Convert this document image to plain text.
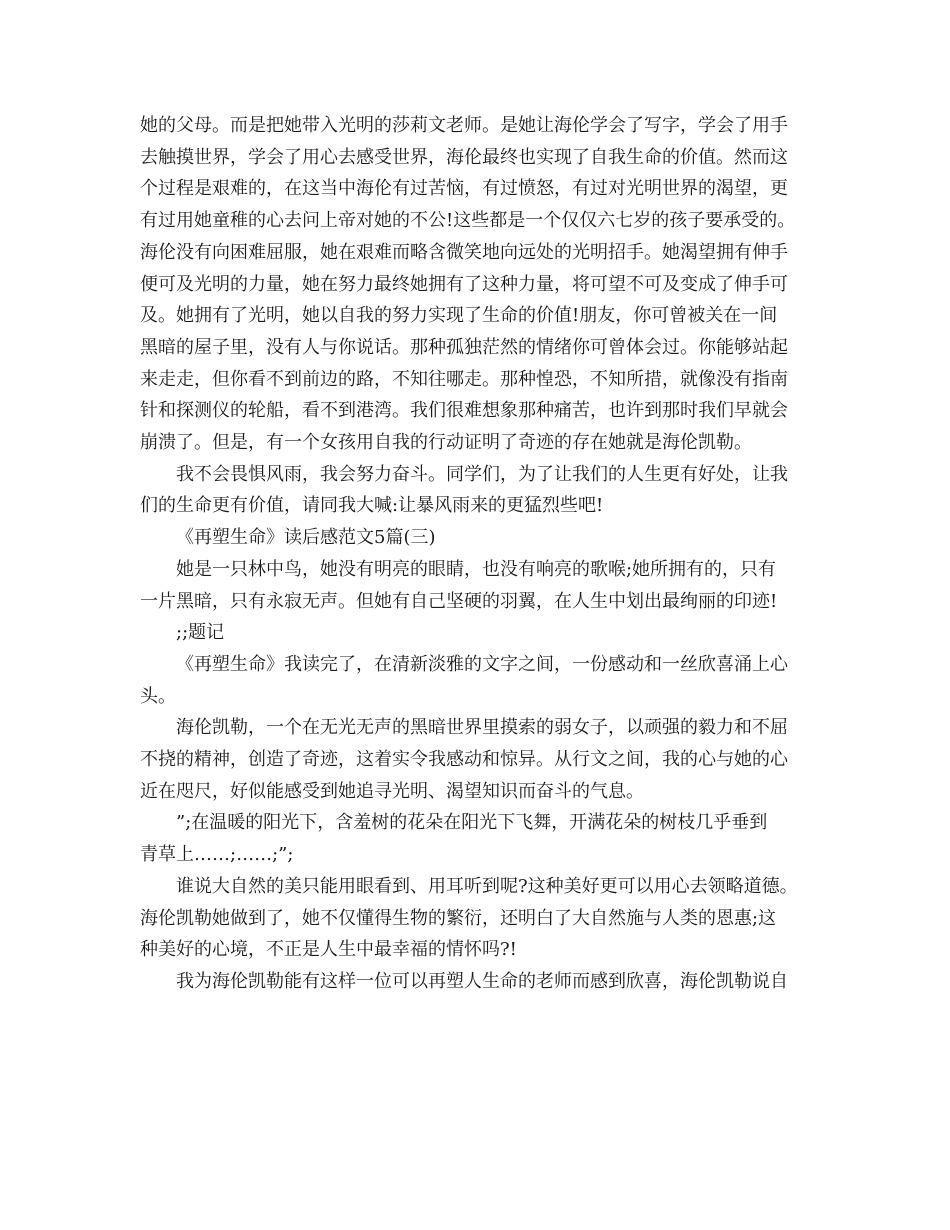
她的父母。而是把她带入光明的莎莉文老师。是她让海伦学会了写字，学会了用手

去触摸世界，学会了用心去感受世界，海伦最终也实现了自我生命的价值。然而这

个过程是艰难的，在这当中海伦有过苦恼，有过愤怒，有过对光明世界的渴望，更

有过用她童稚的心去问上帝对她的不公!这些都是一个仅仅六七岁的孩子要承受的。

海伦没有向困难屈服，她在艰难而略含微笑地向远处的光明招手。她渴望拥有伸手

便可及光明的力量，她在努力最终她拥有了这种力量，将可望不可及变成了伸手可

及。她拥有了光明，她以自我的努力实现了生命的价值!朋友，你可曾被关在一间

黑暗的屋子里，没有人与你说话。那种孤独茫然的情绪你可曾体会过。你能够站起

来走走，但你看不到前边的路，不知往哪走。那种惶恐，不知所措，就像没有指南

针和探测仪的轮船，看不到港湾。我们很难想象那种痛苦，也许到那时我们早就会

崩溃了。但是，有一个女孩用自我的行动证明了奇迹的存在她就是海伦凯勒。

我不会畏惧风雨，我会努力奋斗。同学们，为了让我们的人生更有好处，让我

们的生命更有价值，请同我大喊:让暴风雨来的更猛烈些吧!

《再塑生命》读后感范文5篇(三)

她是一只林中鸟，她没有明亮的眼睛，也没有响亮的歌喉;她所拥有的，只有

一片黑暗，只有永寂无声。但她有自己坚硬的羽翼，在人生中划出最绚丽的印迹!

;;题记

《再塑生命》我读完了，在清新淡雅的文字之间，一份感动和一丝欣喜涌上心

头。

海伦凯勒，一个在无光无声的黑暗世界里摸索的弱女子，以顽强的毅力和不屈

不挠的精神，创造了奇迹，这着实令我感动和惊异。从行文之间，我的心与她的心

近在咫尺，好似能感受到她追寻光明、渴望知识而奋斗的气息。

”;在温暖的阳光下，含羞树的花朵在阳光下飞舞，开满花朵的树枝几乎垂到

青草上……;……;”;

谁说大自然的美只能用眼看到、用耳听到呢?这种美好更可以用心去领略道德。

海伦凯勒她做到了，她不仅懂得生物的繁衍，还明白了大自然施与人类的恩惠;这

种美好的心境，不正是人生中最幸福的情怀吗?!

我为海伦凯勒能有这样一位可以再塑人生命的老师而感到欣喜，海伦凯勒说自
